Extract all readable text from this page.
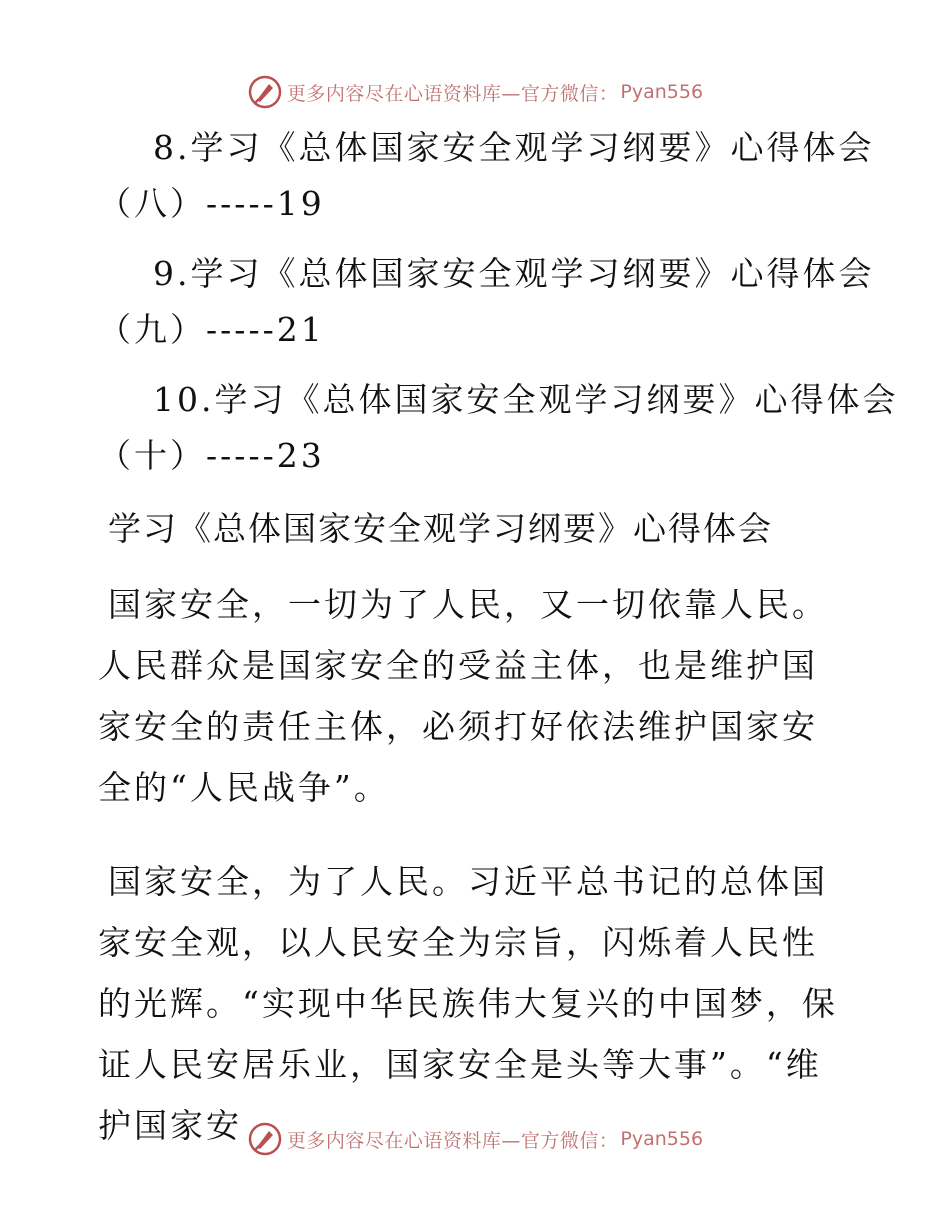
更多内容尽在心语资料库—官方微信： Pyan556
8.学习《总体国家安全观学习纲要》心得体会
（八）-----19
9.学习《总体国家安全观学习纲要》心得体会
（九）-----21
10.学习《总体国家安全观学习纲要》心得体会
（十）-----23
学习《总体国家安全观学习纲要》心得体会

国家安全，一切为了人民，又一切依靠人民。人民群众是国家安全的受益主体，也是维护国家安全的责任主体，必须打好依法维护国家安全的“人民战争”。

国家安全，为了人民。习近平总书记的总体国家安全观，以人民安全为宗旨，闪烁着人民性的光辉。“实现中华民族伟大复兴的中国梦，保证人民安居乐业，国家安全是头等大事”。“维护国家安	更多内容尽在心语资料库—官方微信： Pyan556
